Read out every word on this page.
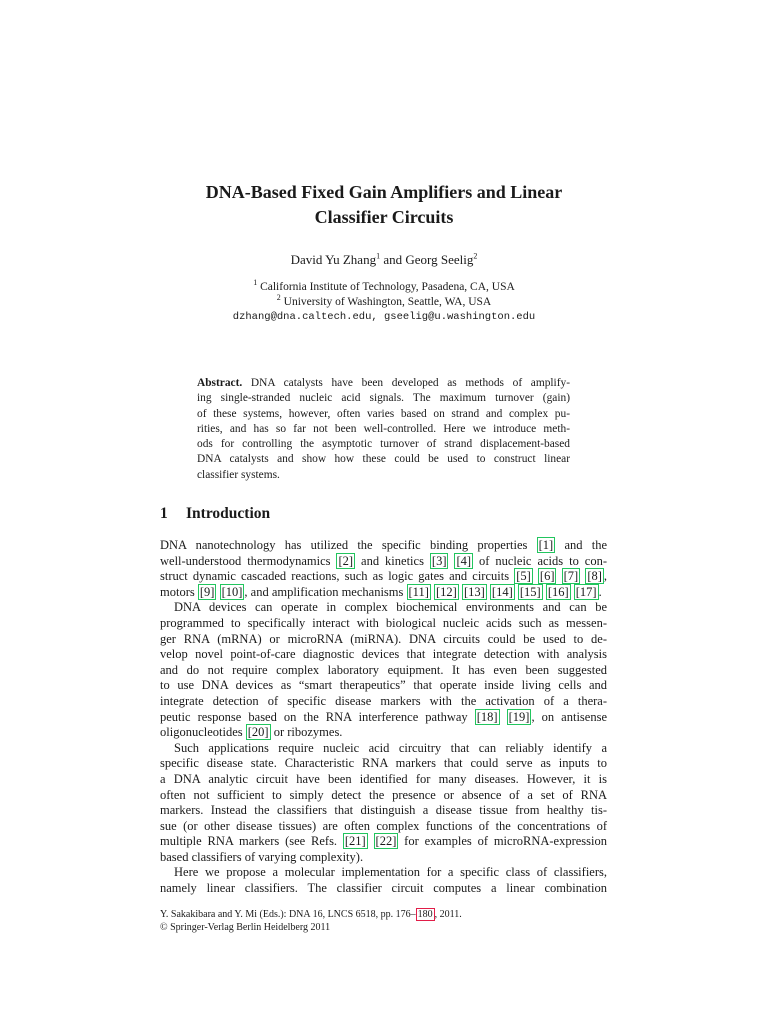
DNA-Based Fixed Gain Amplifiers and Linear
Classifier Circuits
David Yu Zhang$^1$ and Georg Seelig$^2$
$^1$ California Institute of Technology, Pasadena, CA, USA
$^2$ University of Washington, Seattle, WA, USA
dzhang@dna.caltech.edu, gseelig@u.washington.edu
Abstract. DNA catalysts have been developed as methods of amplify-
ing single-stranded nucleic acid signals. The maximum turnover (gain)
of these systems, however, often varies based on strand and complex pu-
rities, and has so far not been well-controlled. Here we introduce meth-
ods for controlling the asymptotic turnover of strand displacement-based
DNA catalysts and show how these could be used to construct linear
classifier systems.
1 Introduction
DNA nanotechnology has utilized the specific binding properties [1] and the
well-understood thermodynamics [2] and kinetics [3] [4] of nucleic acids to con-
struct dynamic cascaded reactions, such as logic gates and circuits [5] [6] [7] [8] ,
motors [9] [10] , and amplification mechanisms [11] [12] [13] [14] [15] [16] [17] .
DNA devices can operate in complex biochemical environments and can be
programmed to specifically interact with biological nucleic acids such as messen-
ger RNA (mRNA) or microRNA (miRNA). DNA circuits could be used to de-
velop novel point-of-care diagnostic devices that integrate detection with analysis
and do not require complex laboratory equipment. It has even been suggested
to use DNA devices as “smart therapeutics” that operate inside living cells and
integrate detection of specific disease markers with the activation of a thera-
peutic response based on the RNA interference pathway [18] [19] , on antisense
oligonucleotides [20] or ribozymes.
Such applications require nucleic acid circuitry that can reliably identify a
specific disease state. Characteristic RNA markers that could serve as inputs to
a DNA analytic circuit have been identified for many diseases. However, it is
often not sufficient to simply detect the presence or absence of a set of RNA
markers. Instead the classifiers that distinguish a disease tissue from healthy tis-
sue (or other disease tissues) are often complex functions of the concentrations of
multiple RNA markers (see Refs. [21] [22] for examples of microRNA-expression
based classifiers of varying complexity).
Here we propose a molecular implementation for a specific class of classifiers,
namely linear classifiers. The classifier circuit computes a linear combination
Y. Sakakibara and Y. Mi (Eds.): DNA 16, LNCS 6518, pp. 176– 180 , 2011.
© Springer-Verlag Berlin Heidelberg 2011
